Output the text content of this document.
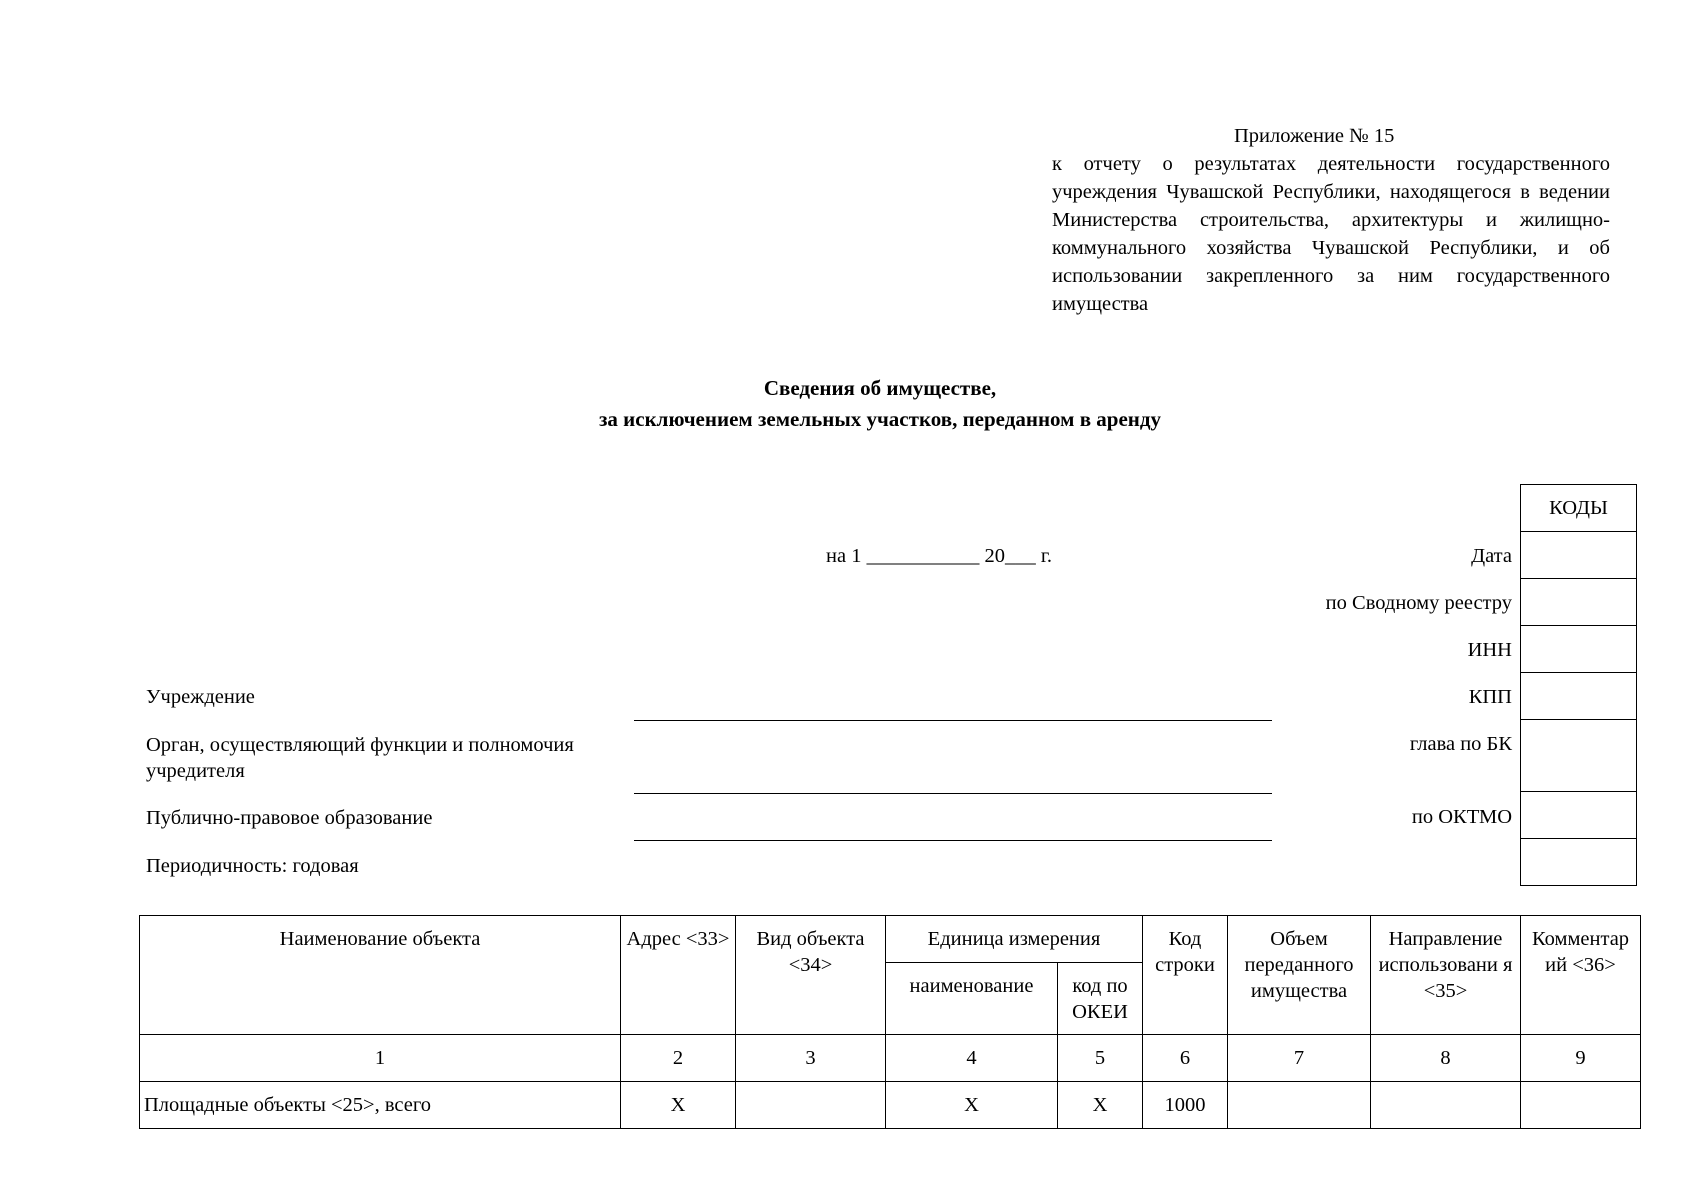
Приложение № 15
к отчету о результатах деятельности государственного учреждения Чувашской Республики, находящегося в ведении Министерства строительства, архитектуры и жилищно-коммунального хозяйства Чувашской Республики, и об использовании закрепленного за ним государственного имущества
Сведения об имуществе,
за исключением земельных участков, переданном в аренду
на 1 ___________ 20___ г.
КОДЫ
Дата
по Сводному реестру
ИНН
КПП
глава по БК
по ОКТМО
Учреждение
Орган, осуществляющий функции и полномочия
учредителя
Публично-правовое образование
Периодичность: годовая
Наименование объекта	Адрес <33>	Вид объекта <34>	Единица измерения		Код строки	Объем переданного имущества	Направление использовани я <35>	Комментар ий <36>
			наименование	код по ОКЕИ				
1	2	3	4	5	6	7	8	9
Площадные объекты <25>, всего	X		X	X	1000			
